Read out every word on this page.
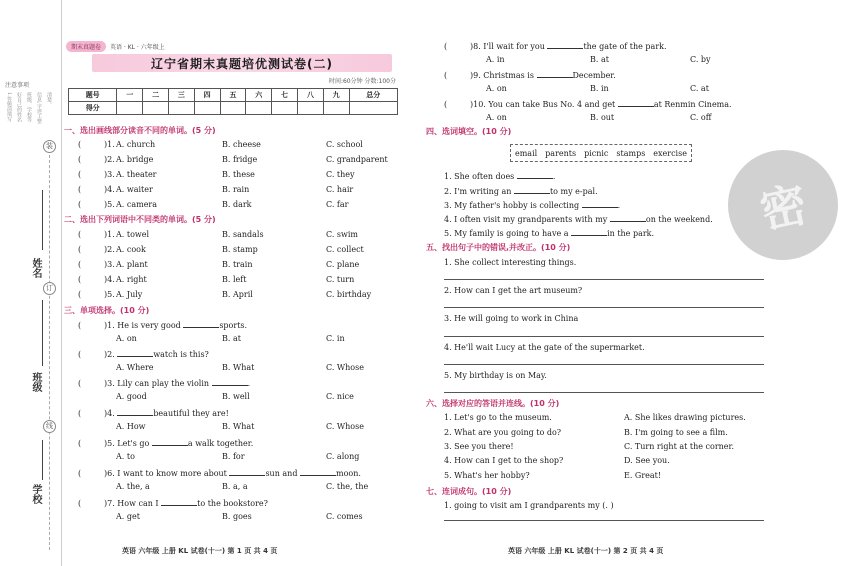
注意事项
1.答题前填写 好自己的姓名 班级、学校等 信息,字迹工整 清楚。
装
订
线
姓名
班级
学校
期末真题卷	英语 · KL · 六年级上
辽宁省期末真题培优测试卷(二)
时间:60分钟 分数:100分
题号	一	二	三	四	五	六	七	八	九	总分
得分										
一、选出画线部分读音不同的单词。(5 分)
(	)1. A. church	B. cheese	C. school
(	)2. A. bridge	B. fridge	C. grandparent
(	)3. A. theater	B. these	C. they
(	)4. A. waiter	B. rain	C. hair
(	)5. A. camera	B. dark	C. far
二、选出下列词语中不同类的单词。(5 分)
(	)1. A. towel	B. sandals	C. swim
(	)2. A. cook	B. stamp	C. collect
(	)3. A. plant	B. train	C. plane
(	)4. A. right	B. left	C. turn
(	)5. A. July	B. April	C. birthday
三、单项选择。(10 分)
(	)1. He is very good	sports.
A. on	B. at	C. in
(	)2.	watch is this?
A. Where	B. What	C. Whose
(	)3. Lily can play the violin	.
A. good	B. well	C. nice
(	)4.	beautiful they are!
A. How	B. What	C. Whose
(	)5. Let's go	a walk together.
A. to	B. for	C. along
(	)6. I want to know more about	sun and	moon.
A. the, a	B. a, a	C. the, the
(	)7. How can I	to the bookstore?
A. get	B. goes	C. comes
英语 六年级 上册 KL 试卷(十一) 第 1 页 共 4 页
密
(	)8. I'll wait for you	the gate of the park.
A. in	B. at	C. by
(	)9. Christmas is	December.
A. on	B. in	C. at
(	)10. You can take Bus No. 4 and get	at Renmin Cinema.
A. on	B. out	C. off
四、选词填空。(10 分)
email parents picnic stamps exercise
1. She often does	.
2. I'm writing an	to my e-pal.
3. My father's hobby is collecting	.
4. I often visit my grandparents with my	on the weekend.
5. My family is going to have a	in the park.
五、找出句子中的错误,并改正。(10 分)
1. She collect interesting things.
2. How can I get the art museum?
3. He will going to work in China
4. He'll wait Lucy at the gate of the supermarket.
5. My birthday is on May.
六、选择对应的答语并连线。(10 分)
1. Let's go to the museum.
2. What are you going to do?
3. See you there!
4. How can I get to the shop?
5. What's her hobby?
A. She likes drawing pictures.
B. I'm going to see a film.
C. Turn right at the corner.
D. See you.
E. Great!
七、连词成句。(10 分)
1. going to visit am I grandparents my (. )
英语 六年级 上册 KL 试卷(十一) 第 2 页 共 4 页
